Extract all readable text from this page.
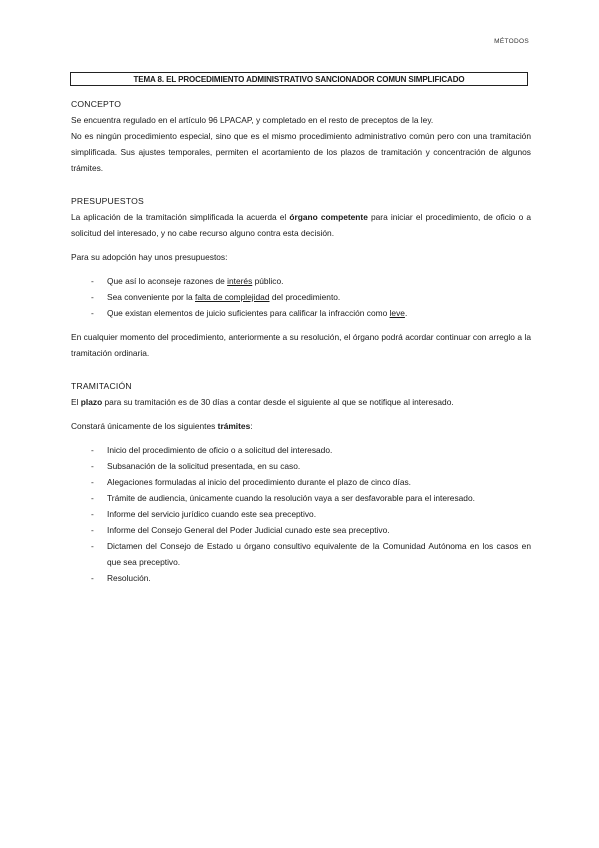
MÉTODOS
TEMA 8. EL PROCEDIMIENTO ADMINISTRATIVO SANCIONADOR COMUN SIMPLIFICADO
CONCEPTO

Se encuentra regulado en el artículo 96 LPACAP, y completado en el resto de preceptos de la ley.

No es ningún procedimiento especial, sino que es el mismo procedimiento administrativo común pero con una tramitación simplificada. Sus ajustes temporales, permiten el acortamiento de los plazos de tramitación y concentración de algunos trámites.

PRESUPUESTOS

La aplicación de la tramitación simplificada la acuerda el órgano competente para iniciar el procedimiento, de oficio o a solicitud del interesado, y no cabe recurso alguno contra esta decisión.

Para su adopción hay unos presupuestos:

- Que así lo aconseje razones de interés público.
- Sea conveniente por la falta de complejidad del procedimiento.
- Que existan elementos de juicio suficientes para calificar la infracción como leve.

En cualquier momento del procedimiento, anteriormente a su resolución, el órgano podrá acordar continuar con arreglo a la tramitación ordinaria.

TRAMITACIÓN

El plazo para su tramitación es de 30 días a contar desde el siguiente al que se notifique al interesado.

Constará únicamente de los siguientes trámites:

- Inicio del procedimiento de oficio o a solicitud del interesado.
- Subsanación de la solicitud presentada, en su caso.
- Alegaciones formuladas al inicio del procedimiento durante el plazo de cinco días.
- Trámite de audiencia, únicamente cuando la resolución vaya a ser desfavorable para el interesado.
- Informe del servicio jurídico cuando este sea preceptivo.
- Informe del Consejo General del Poder Judicial cunado este sea preceptivo.
- Dictamen del Consejo de Estado u órgano consultivo equivalente de la Comunidad Autónoma en los casos en que sea preceptivo.
- Resolución.
